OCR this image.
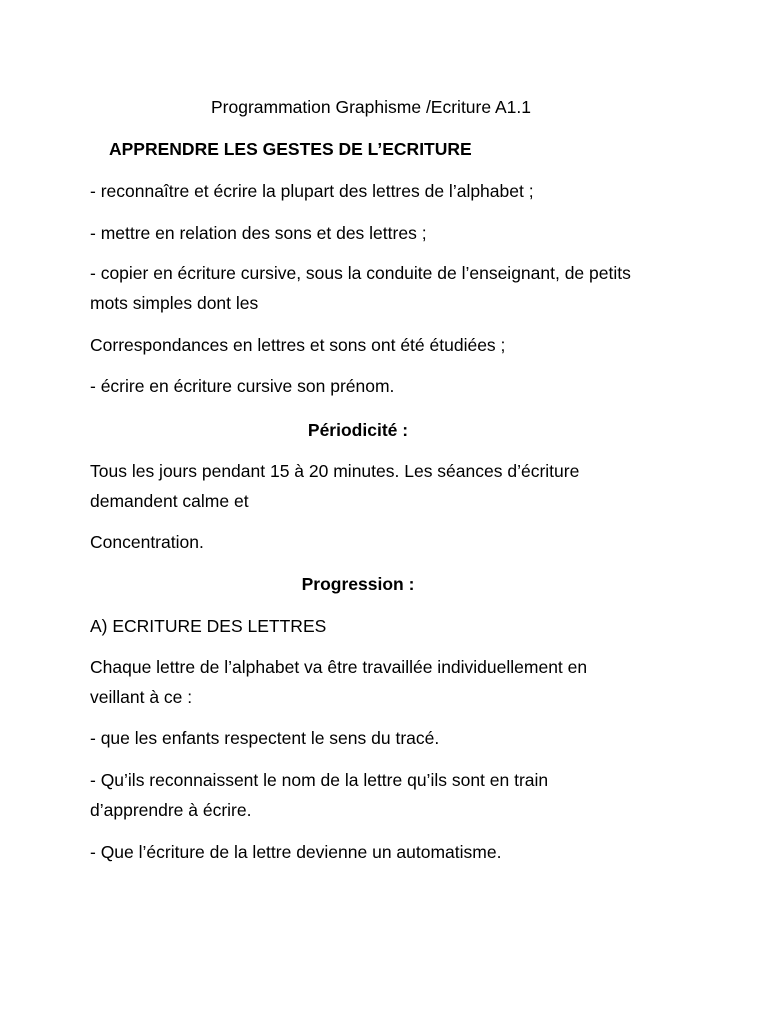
Programmation Graphisme /Ecriture A1.1

APPRENDRE LES GESTES DE L’ECRITURE

- reconnaître et écrire la plupart des lettres de l’alphabet ;

- mettre en relation des sons et des lettres ;

- copier en écriture cursive, sous la conduite de l’enseignant, de petits

mots simples dont les

Correspondances en lettres et sons ont été étudiées ;

- écrire en écriture cursive son prénom.

Périodicité :

Tous les jours pendant 15 à 20 minutes. Les séances d’écriture

demandent calme et

Concentration.

Progression :

A) ECRITURE DES LETTRES

Chaque lettre de l’alphabet va être travaillée individuellement en

veillant à ce :

- que les enfants respectent le sens du tracé.

- Qu’ils reconnaissent le nom de la lettre qu’ils sont en train

d’apprendre à écrire.

- Que l’écriture de la lettre devienne un automatisme.
